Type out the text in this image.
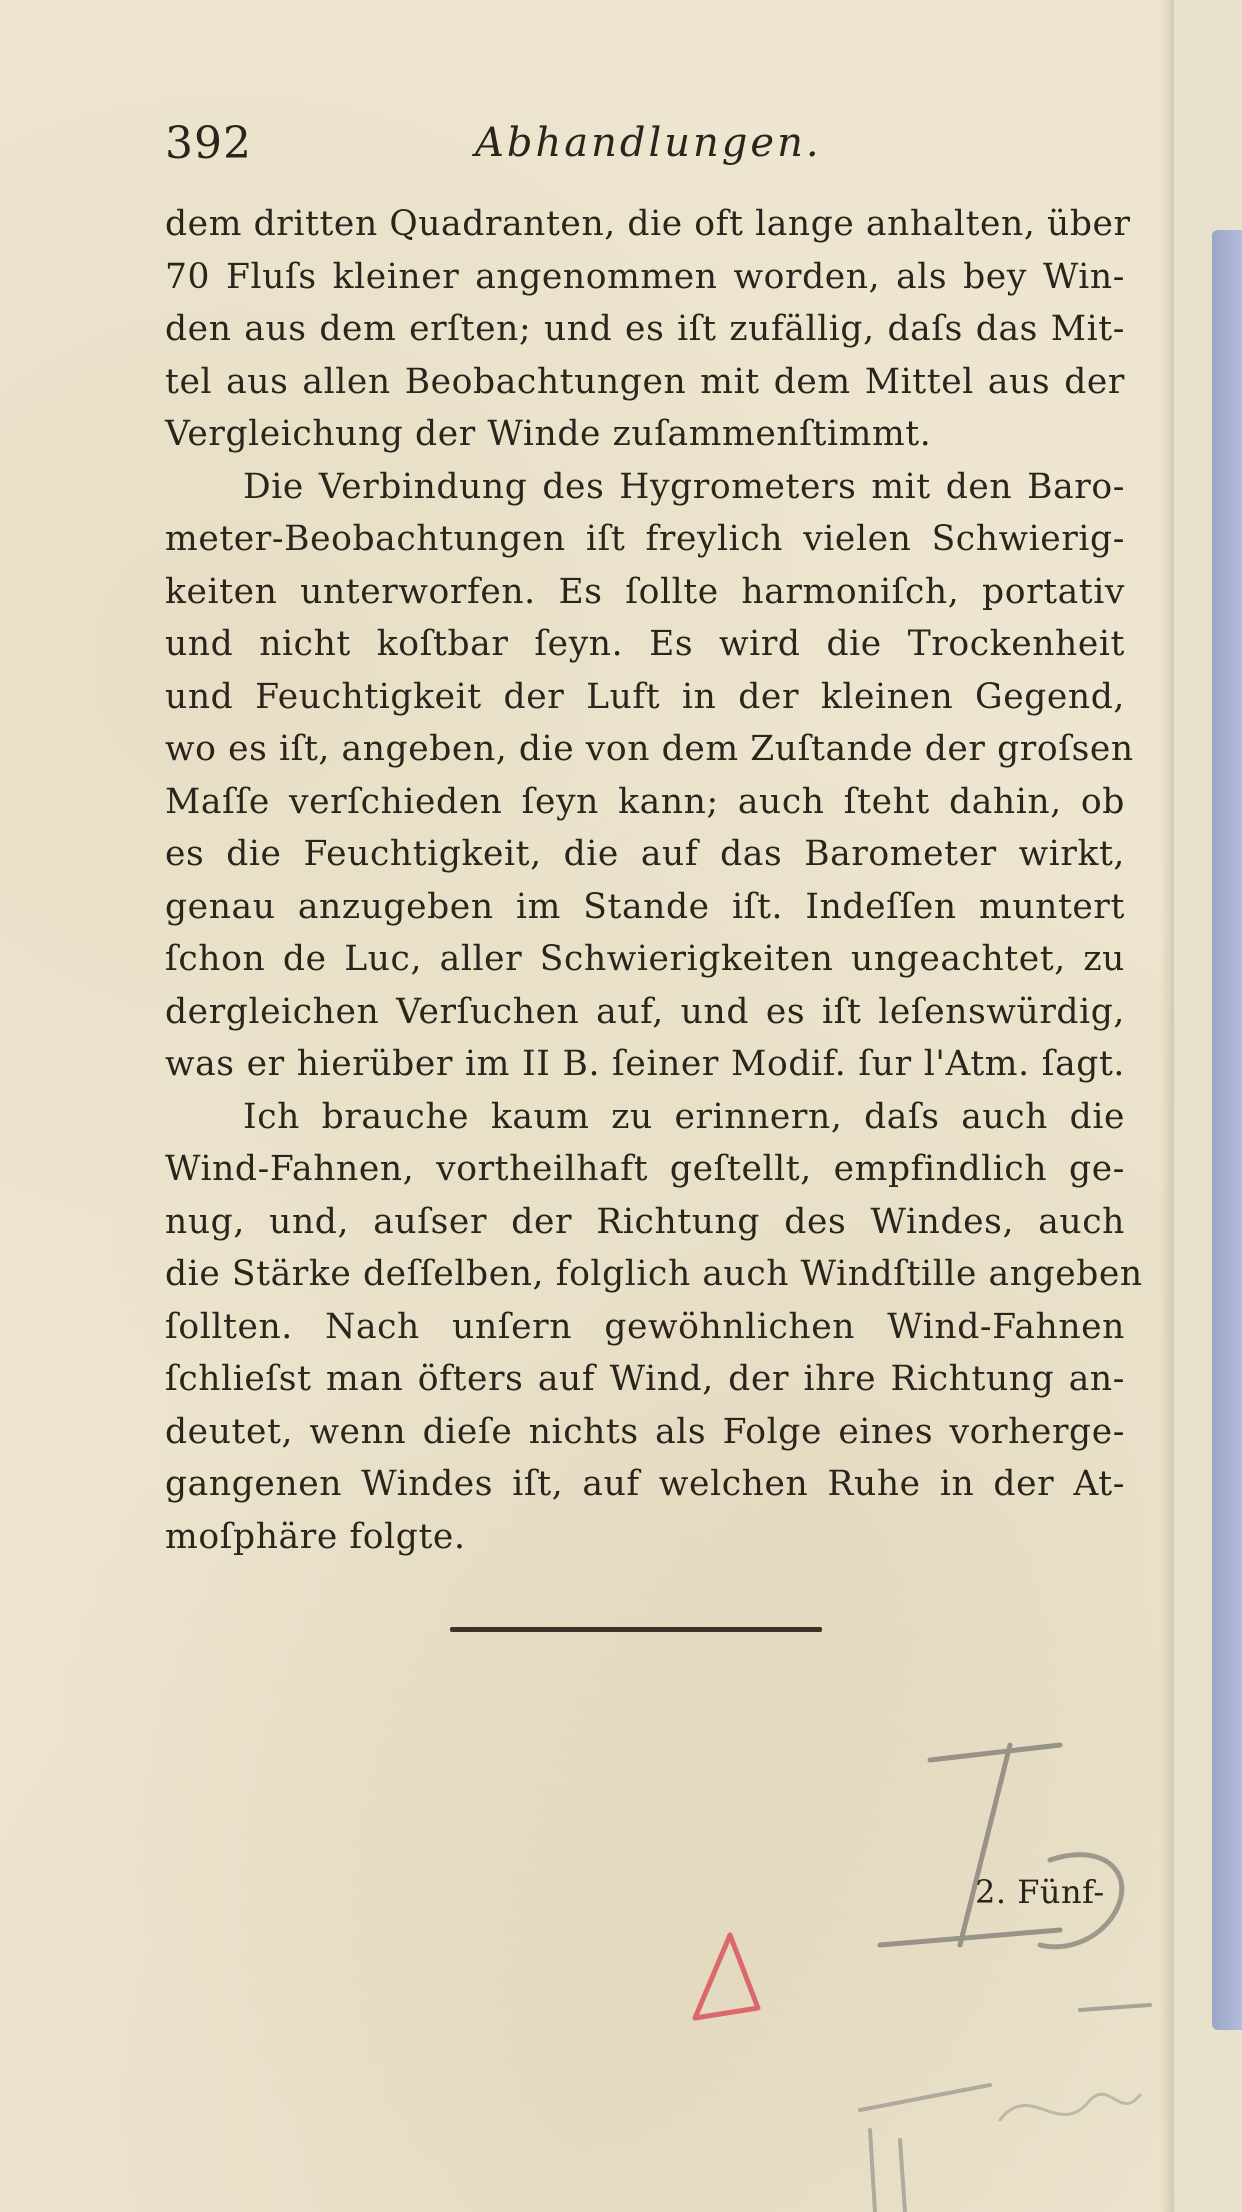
392	Abhandlungen.
dem dritten Quadranten, die oft lange anhalten, über
70 Fluſs kleiner angenommen worden, als bey Win-
den aus dem erſten; und es iſt zufällig, daſs das Mit-
tel aus allen Beobachtungen mit dem Mittel aus der
Vergleichung der Winde zuſammenſtimmt.
Die Verbindung des Hygrometers mit den Baro-
meter-Beobachtungen iſt freylich vielen Schwierig-
keiten unterworfen. Es ſollte harmoniſch, portativ
und nicht koſtbar ſeyn. Es wird die Trockenheit
und Feuchtigkeit der Luft in der kleinen Gegend,
wo es iſt, angeben, die von dem Zuſtande der groſsen
Maſſe verſchieden ſeyn kann; auch ſteht dahin, ob
es die Feuchtigkeit, die auf das Barometer wirkt,
genau anzugeben im Stande iſt. Indeſſen muntert
ſchon de Luc, aller Schwierigkeiten ungeachtet, zu
dergleichen Verſuchen auf, und es iſt leſenswürdig,
was er hierüber im II B. ſeiner Modif. ſur l'Atm. ſagt.
Ich brauche kaum zu erinnern, daſs auch die
Wind-Fahnen, vortheilhaft geſtellt, empfindlich ge-
nug, und, auſser der Richtung des Windes, auch
die Stärke deſſelben, folglich auch Windſtille angeben
ſollten. Nach unſern gewöhnlichen Wind-Fahnen
ſchlieſst man öfters auf Wind, der ihre Richtung an-
deutet, wenn dieſe nichts als Folge eines vorherge-
gangenen Windes iſt, auf welchen Ruhe in der At-
moſphäre folgte.
2. Fünf-
